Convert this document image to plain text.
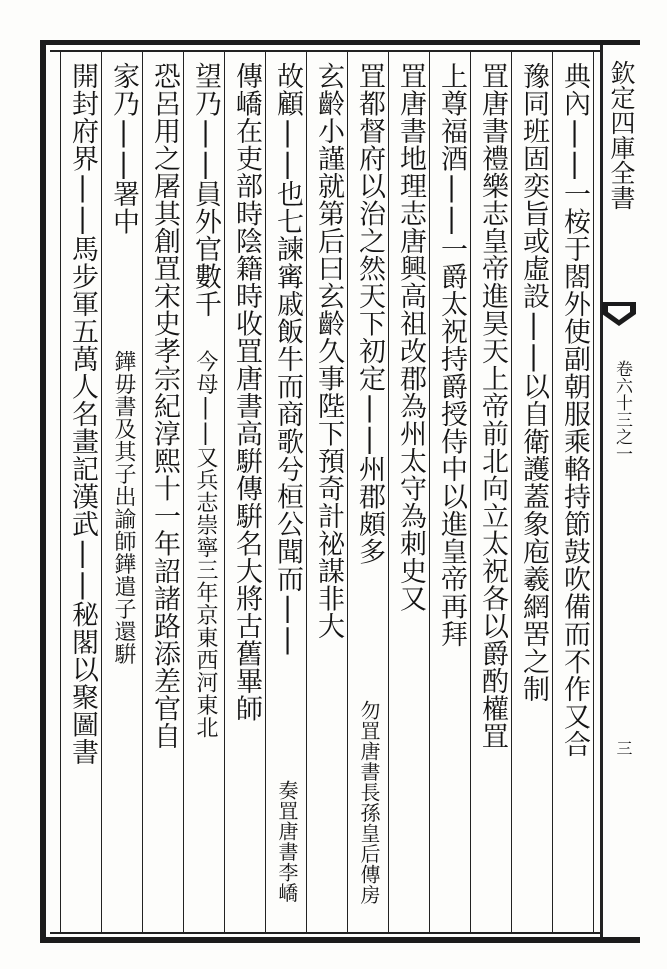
欽定四庫全書
卷六十三之一
三
典內||一桉于閤外使副朝服乘輅持節鼓吹備而不作又合
豫同班固奕旨或虛設||以自衛護蓋象庖羲網罟之制
罝唐書禮樂志皇帝進昊天上帝前北向立太祝各以爵酌權罝
上尊福酒||一爵太祝持爵授侍中以進皇帝再拜
罝唐書地理志唐興高祖改郡為州太守為刺史又
罝都督府以治之然天下初定||州郡頗多
玄齡小謹就第后曰玄齡久事陛下預奇計祕謀非大
故顧||也七諫寗戚飯牛而商歌兮桓公聞而||
傳嶠在吏部時陰籍時收罝唐書高騈傳騈名大將古舊畢師
望乃||員外官數千
恐呂用之屠其創罝宋史孝宗紀淳熙十一年詔諸路添差官自
家乃||署中
開封府界||馬步軍五萬人名畫記漢武||秘閣以聚圖書
勿罝唐書長孫皇后傳房
奏罝唐書李嶠
今母||又兵志崇寧三年京東西河東北
鏵毋書及其子出諭師鏵遣子還騈
